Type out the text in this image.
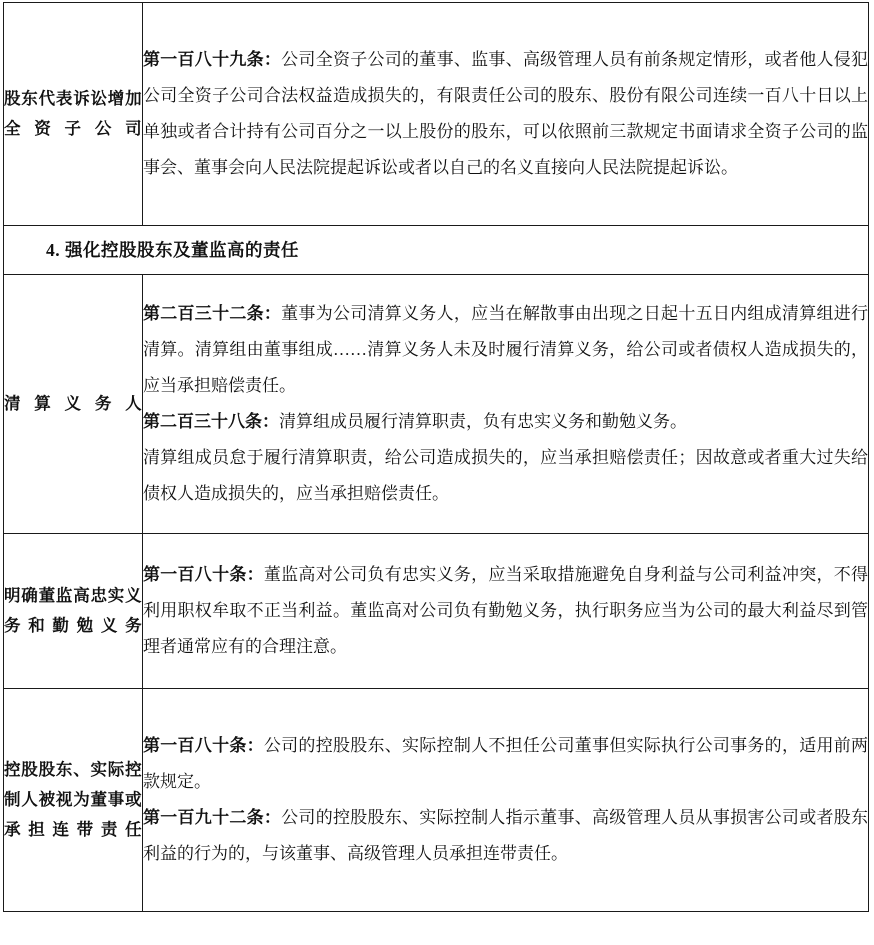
股东代表诉讼增加全资子公司	第一百八十九条：公司全资子公司的董事、监事、高级管理人员有前条规定情形，或者他人侵犯公司全资子公司合法权益造成损失的，有限责任公司的股东、股份有限公司连续一百八十日以上单独或者合计持有公司百分之一以上股份的股东，可以依照前三款规定书面请求全资子公司的监事会、董事会向人民法院提起诉讼或者以自己的名义直接向人民法院提起诉讼。

4. 强化控股股东及董监高的责任	

清算义务人	第二百三十二条：董事为公司清算义务人，应当在解散事由出现之日起十五日内组成清算组进行清算。清算组由董事组成……清算义务人未及时履行清算义务，给公司或者债权人造成损失的，应当承担赔偿责任。

第二百三十八条：清算组成员履行清算职责，负有忠实义务和勤勉义务。

清算组成员怠于履行清算职责，给公司造成损失的，应当承担赔偿责任；因故意或者重大过失给债权人造成损失的，应当承担赔偿责任。

明确董监高忠实义务和勤勉义务	第一百八十条：董监高对公司负有忠实义务，应当采取措施避免自身利益与公司利益冲突，不得利用职权牟取不正当利益。董监高对公司负有勤勉义务，执行职务应当为公司的最大利益尽到管理者通常应有的合理注意。

控股股东、实际控制人被视为董事或承担连带责任	第一百八十条：公司的控股股东、实际控制人不担任公司董事但实际执行公司事务的，适用前两款规定。

第一百九十二条：公司的控股股东、实际控制人指示董事、高级管理人员从事损害公司或者股东利益的行为的，与该董事、高级管理人员承担连带责任。
